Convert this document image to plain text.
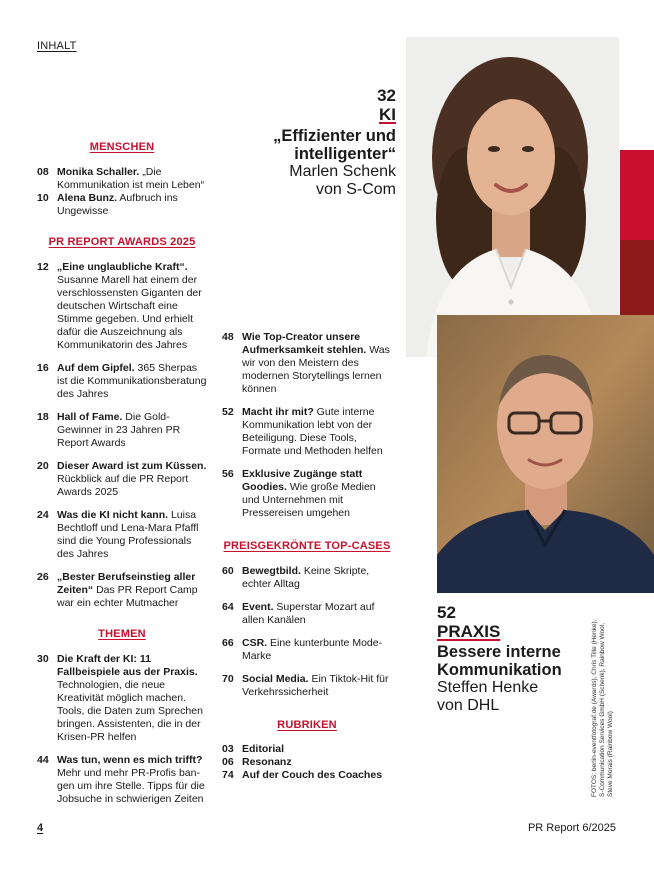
INHALT
32
KI
„Effizienter und
intelligenter“
Marlen Schenk
von S-Com
52
PRAXIS
Bessere interne
Kommunikation
Steffen Henke
von DHL	FOTOS: berlin-eventfotograf.de (Awards), Chris Tille (Henke), S-Communication Services GmbH (Schenk), Rainbow Wool, Steve Morais (Rainbow Wool)
MENSCHEN
08 Monika Schaller. „Die Kommunikation ist mein Leben“
10 Alena Bunz. Aufbruch ins Ungewisse
PR REPORT AWARDS 2025
12 „Eine unglaubliche Kraft“. Susanne Marell hat einem der verschlossensten Giganten der deutschen Wirtschaft eine Stimme gegeben. Und erhielt dafür die Auszeichnung als Kommunikatorin des Jahres
16 Auf dem Gipfel. 365 Sherpas ist die Kommunikationsberatung des Jahres
18 Hall of Fame. Die Gold-Gewinner in 23 Jahren PR Report Awards
20 Dieser Award ist zum Küssen. Rückblick auf die PR Report Awards 2025
24 Was die KI nicht kann. Luisa Bechtloff und Lena-Mara Pfaffl sind die Young Professionals des Jahres
26 „Bester Berufseinstieg aller Zeiten“ Das PR Report Camp war ein echter Mutmacher
THEMEN
30 Die Kraft der KI: 11 Fallbeispiele aus der Praxis. Technologien, die neue Kreativität möglich machen. Tools, die Daten zum Sprechen bringen. Assistenten, die in der Krisen-PR helfen
44 Was tun, wenn es mich trifft? Mehr und mehr PR-Profis ban-gen um ihre Stelle. Tipps für die Jobsuche in schwierigen Zeiten
48 Wie Top-Creator unsere Aufmerksamkeit stehlen. Was wir von den Meistern des modernen Storytellings lernen können
52 Macht ihr mit? Gute interne Kommunikation lebt von der Beteiligung. Diese Tools, Formate und Methoden helfen
56 Exklusive Zugänge statt Goodies. Wie große Medien und Unternehmen mit Pressereisen umgehen
PREISGEKRÖNTE TOP-CASES
60 Bewegtbild. Keine Skripte, echter Alltag
64 Event. Superstar Mozart auf allen Kanälen
66 CSR. Eine kunterbunte Mode-Marke
70 Social Media. Ein Tiktok-Hit für Verkehrssicherheit
RUBRIKEN
03 Editorial
06 Resonanz
74 Auf der Couch des Coaches
4	PR Report 6/2025
